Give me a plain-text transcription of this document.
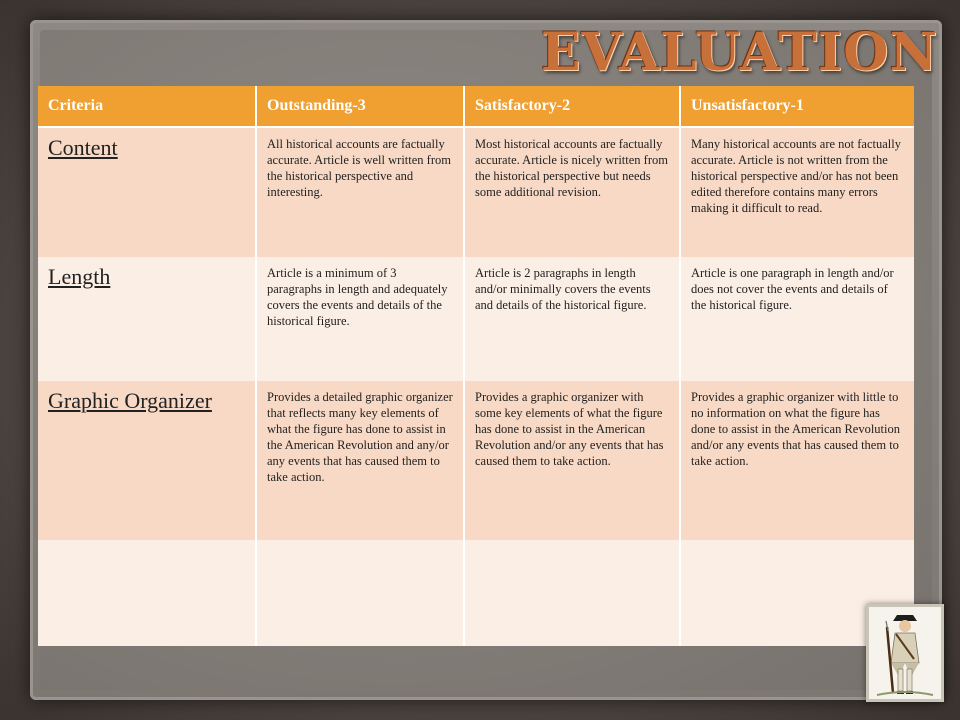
EVALUATION
Criteria	Outstanding-3	Satisfactory-2	Unsatisfactory-1
Content	All historical accounts are factually accurate. Article is well written from the historical perspective and interesting.	Most historical accounts are factually accurate. Article is nicely written from the historical perspective but needs some additional revision.	Many historical accounts are not factually accurate. Article is not written from the historical perspective and/or has not been edited therefore contains many errors making it difficult to read.
Length	Article is a minimum of 3 paragraphs in length and adequately covers the events and details of the historical figure.	Article is 2 paragraphs in length and/or minimally covers the events and details of the historical figure.	Article is one paragraph in length and/or does not cover the events and details of the historical figure.
Graphic Organizer	Provides a detailed graphic organizer that reflects many key elements of what the figure has done to assist in the American Revolution and any/or any events that has caused them to take action.	Provides a graphic organizer with some key elements of what the figure has done to assist in the American Revolution and/or any events that has caused them to take action.	Provides a graphic organizer with little to no information on what the figure has done to assist in the American Revolution and/or any events that has caused them to take action.
